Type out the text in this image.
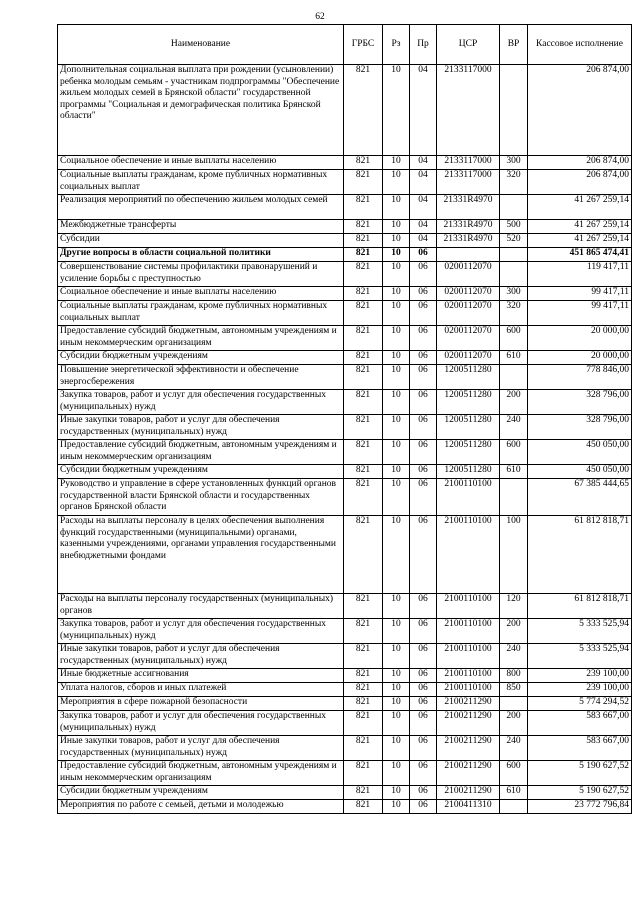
62
Наименование	ГРБС	Рз	Пр	ЦСР	ВР	Кассовое исполнение
Дополнительная социальная выплата при рождении (усыновлении) ребенка молодым семьям - участникам подпрограммы "Обеспечение жильем молодых семей в Брянской области" государственной программы "Социальная и демографическая политика Брянской области"	821	10	04	2133117000		206 874,00
Социальное обеспечение и иные выплаты населению	821	10	04	2133117000	300	206 874,00
Социальные выплаты гражданам, кроме публичных нормативных социальных выплат	821	10	04	2133117000	320	206 874,00
Реализация мероприятий по обеспечению жильем молодых семей	821	10	04	21331R4970		41 267 259,14
Межбюджетные трансферты	821	10	04	21331R4970	500	41 267 259,14
Субсидии	821	10	04	21331R4970	520	41 267 259,14
Другие вопросы в области социальной политики	821	10	06			451 865 474,41
Совершенствование системы профилактики правонарушений и усиление борьбы с преступностью	821	10	06	0200112070		119 417,11
Социальное обеспечение и иные выплаты населению	821	10	06	0200112070	300	99 417,11
Социальные выплаты гражданам, кроме публичных нормативных социальных выплат	821	10	06	0200112070	320	99 417,11
Предоставление субсидий бюджетным, автономным учреждениям и иным некоммерческим организациям	821	10	06	0200112070	600	20 000,00
Субсидии бюджетным учреждениям	821	10	06	0200112070	610	20 000,00
Повышение энергетической эффективности и обеспечение энергосбережения	821	10	06	1200511280		778 846,00
Закупка товаров, работ и услуг для обеспечения государственных (муниципальных) нужд	821	10	06	1200511280	200	328 796,00
Иные закупки товаров, работ и услуг для обеспечения государственных (муниципальных) нужд	821	10	06	1200511280	240	328 796,00
Предоставление субсидий бюджетным, автономным учреждениям и иным некоммерческим организациям	821	10	06	1200511280	600	450 050,00
Субсидии бюджетным учреждениям	821	10	06	1200511280	610	450 050,00
Руководство и управление в сфере установленных функций органов государственной власти Брянской области и государственных органов Брянской области	821	10	06	2100110100		67 385 444,65
Расходы на выплаты персоналу в целях обеспечения выполнения функций государственными (муниципальными) органами, казенными учреждениями, органами управления государственными внебюджетными фондами	821	10	06	2100110100	100	61 812 818,71
Расходы на выплаты персоналу государственных (муниципальных) органов	821	10	06	2100110100	120	61 812 818,71
Закупка товаров, работ и услуг для обеспечения государственных (муниципальных) нужд	821	10	06	2100110100	200	5 333 525,94
Иные закупки товаров, работ и услуг для обеспечения государственных (муниципальных) нужд	821	10	06	2100110100	240	5 333 525,94
Иные бюджетные ассигнования	821	10	06	2100110100	800	239 100,00
Уплата налогов, сборов и иных платежей	821	10	06	2100110100	850	239 100,00
Мероприятия в сфере пожарной безопасности	821	10	06	2100211290		5 774 294,52
Закупка товаров, работ и услуг для обеспечения государственных (муниципальных) нужд	821	10	06	2100211290	200	583 667,00
Иные закупки товаров, работ и услуг для обеспечения государственных (муниципальных) нужд	821	10	06	2100211290	240	583 667,00
Предоставление субсидий бюджетным, автономным учреждениям и иным некоммерческим организациям	821	10	06	2100211290	600	5 190 627,52
Субсидии бюджетным учреждениям	821	10	06	2100211290	610	5 190 627,52
Мероприятия по работе с семьей, детьми и молодежью	821	10	06	2100411310		23 772 796,84
